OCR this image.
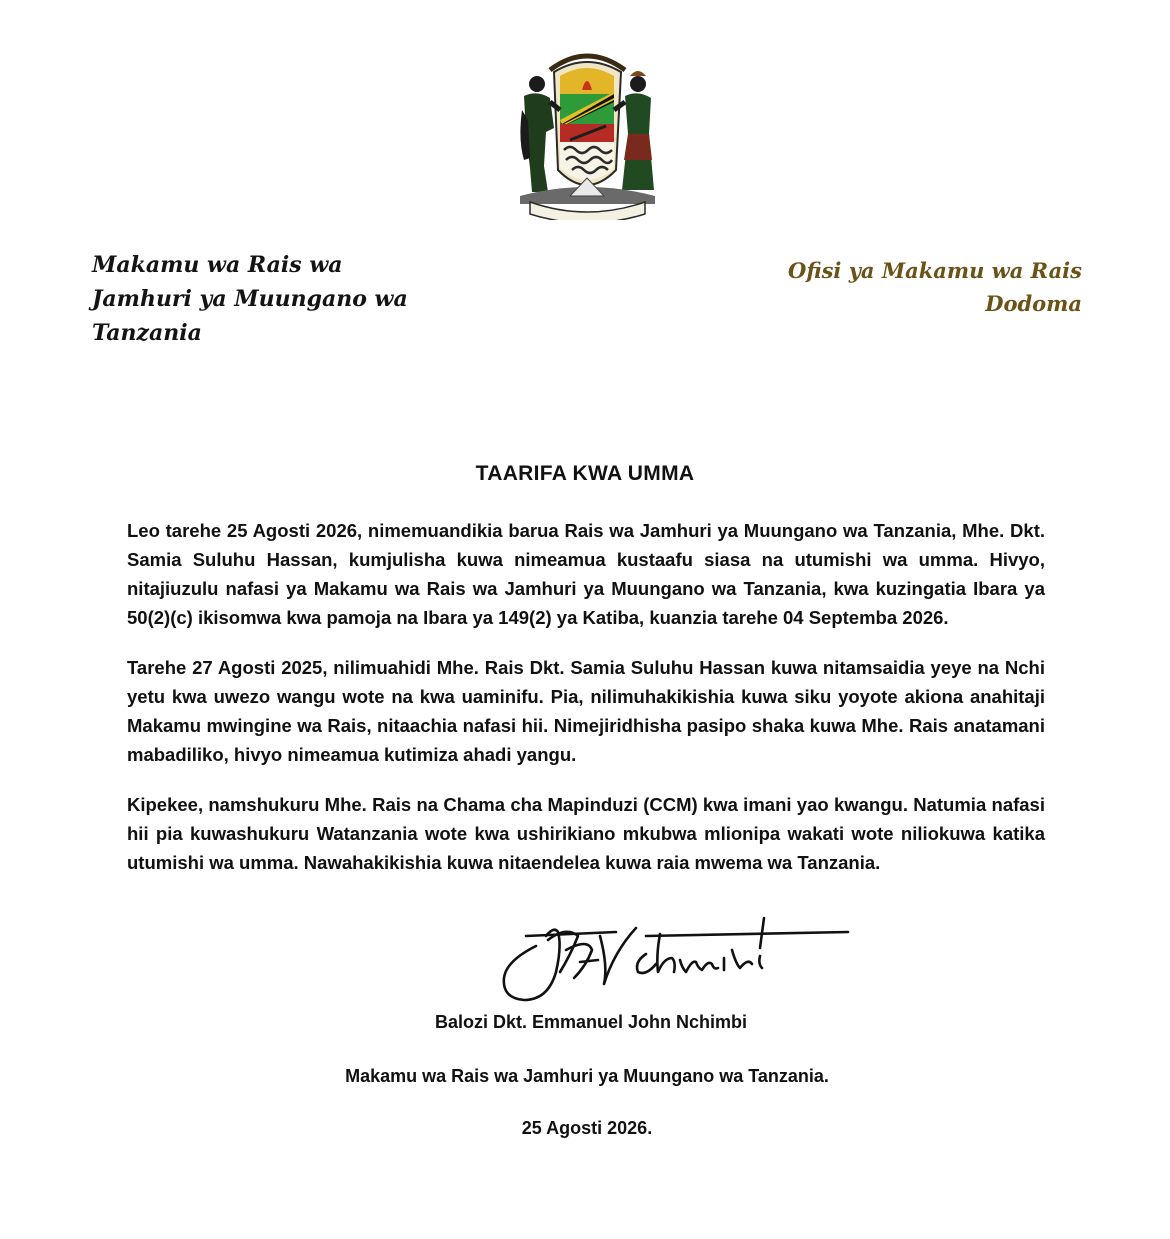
Makamu wa Rais wa
Jamhuri ya Muungano wa
Tanzania
Ofisi ya Makamu wa Rais
Dodoma
TAARIFA KWA UMMA

Leo tarehe 25 Agosti 2026, nimemuandikia barua Rais wa Jamhuri ya Muungano wa Tanzania, Mhe. Dkt. Samia Suluhu Hassan, kumjulisha kuwa nimeamua kustaafu siasa na utumishi wa umma. Hivyo, nitajiuzulu nafasi ya Makamu wa Rais wa Jamhuri ya Muungano wa Tanzania, kwa kuzingatia Ibara ya 50(2)(c) ikisomwa kwa pamoja na Ibara ya 149(2) ya Katiba, kuanzia tarehe 04 Septemba 2026.

Tarehe 27 Agosti 2025, nilimuahidi Mhe. Rais Dkt. Samia Suluhu Hassan kuwa nitamsaidia yeye na Nchi yetu kwa uwezo wangu wote na kwa uaminifu. Pia, nilimuhakikishia kuwa siku yoyote akiona anahitaji Makamu mwingine wa Rais, nitaachia nafasi hii. Nimejiridhisha pasipo shaka kuwa Mhe. Rais anatamani mabadiliko, hivyo nimeamua kutimiza ahadi yangu.

Kipekee, namshukuru Mhe. Rais na Chama cha Mapinduzi (CCM) kwa imani yao kwangu. Natumia nafasi hii pia kuwashukuru Watanzania wote kwa ushirikiano mkubwa mlionipa wakati wote niliokuwa katika utumishi wa umma. Nawahakikishia kuwa nitaendelea kuwa raia mwema wa Tanzania.

Balozi Dkt. Emmanuel John Nchimbi
Makamu wa Rais wa Jamhuri ya Muungano wa Tanzania.
25 Agosti 2026.
